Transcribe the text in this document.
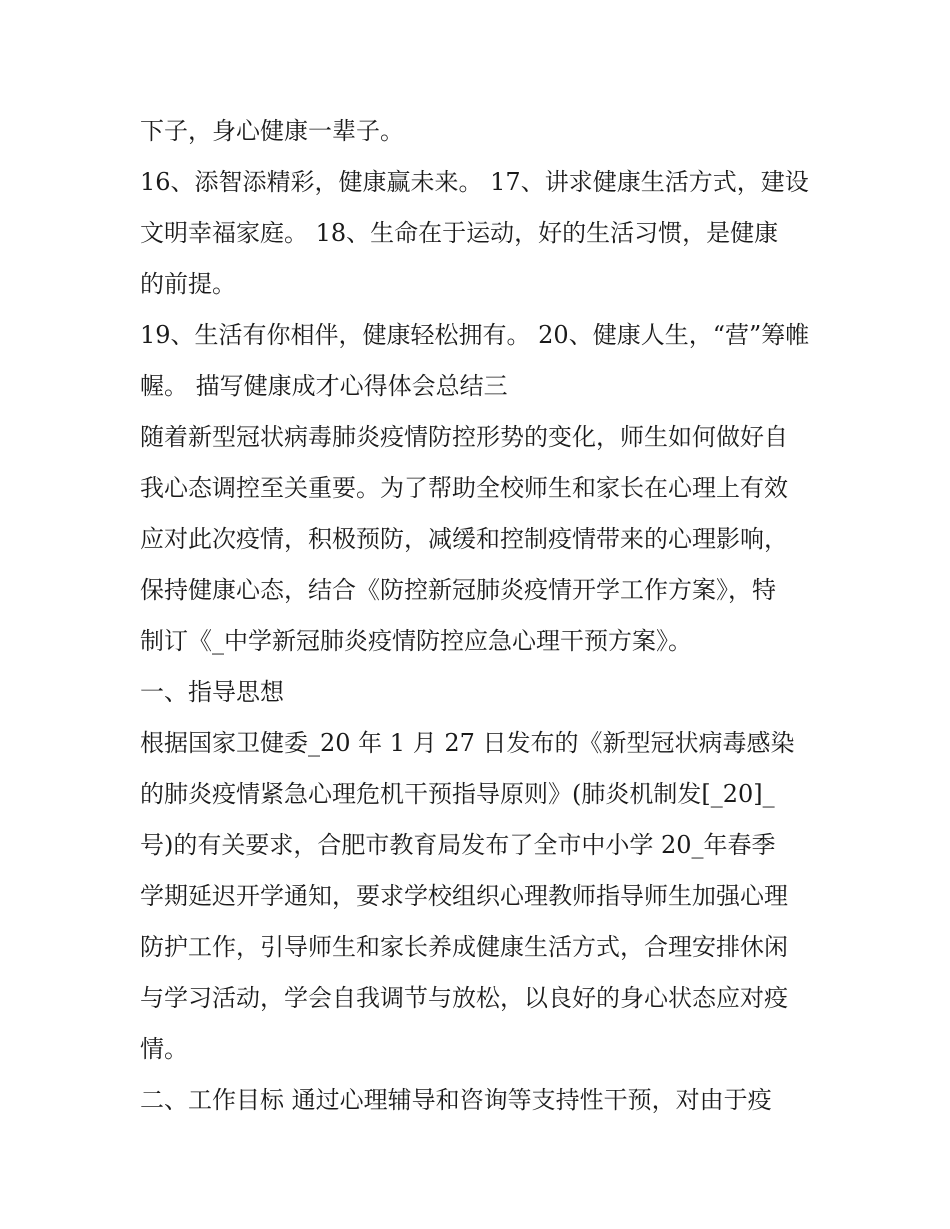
下子，身心健康一辈子。
16、添智添精彩，健康赢未来。 17、讲求健康生活方式，建设
文明幸福家庭。 18、生命在于运动，好的生活习惯，是健康
的前提。
19、生活有你相伴，健康轻松拥有。 20、健康人生，“营”筹帷
幄。 描写健康成才心得体会总结三
随着新型冠状病毒肺炎疫情防控形势的变化，师生如何做好自
我心态调控至关重要。为了帮助全校师生和家长在心理上有效
应对此次疫情，积极预防，减缓和控制疫情带来的心理影响，
保持健康心态，结合《防控新冠肺炎疫情开学工作方案》，特
制订《_中学新冠肺炎疫情防控应急心理干预方案》。
一、指导思想
根据国家卫健委_20 年 1 月 27 日发布的《新型冠状病毒感染
的肺炎疫情紧急心理危机干预指导原则》(肺炎机制发[_20]_
号)的有关要求，合肥市教育局发布了全市中小学 20_年春季
学期延迟开学通知，要求学校组织心理教师指导师生加强心理
防护工作，引导师生和家长养成健康生活方式，合理安排休闲
与学习活动，学会自我调节与放松，以良好的身心状态应对疫
情。
二、工作目标 通过心理辅导和咨询等支持性干预，对由于疫
